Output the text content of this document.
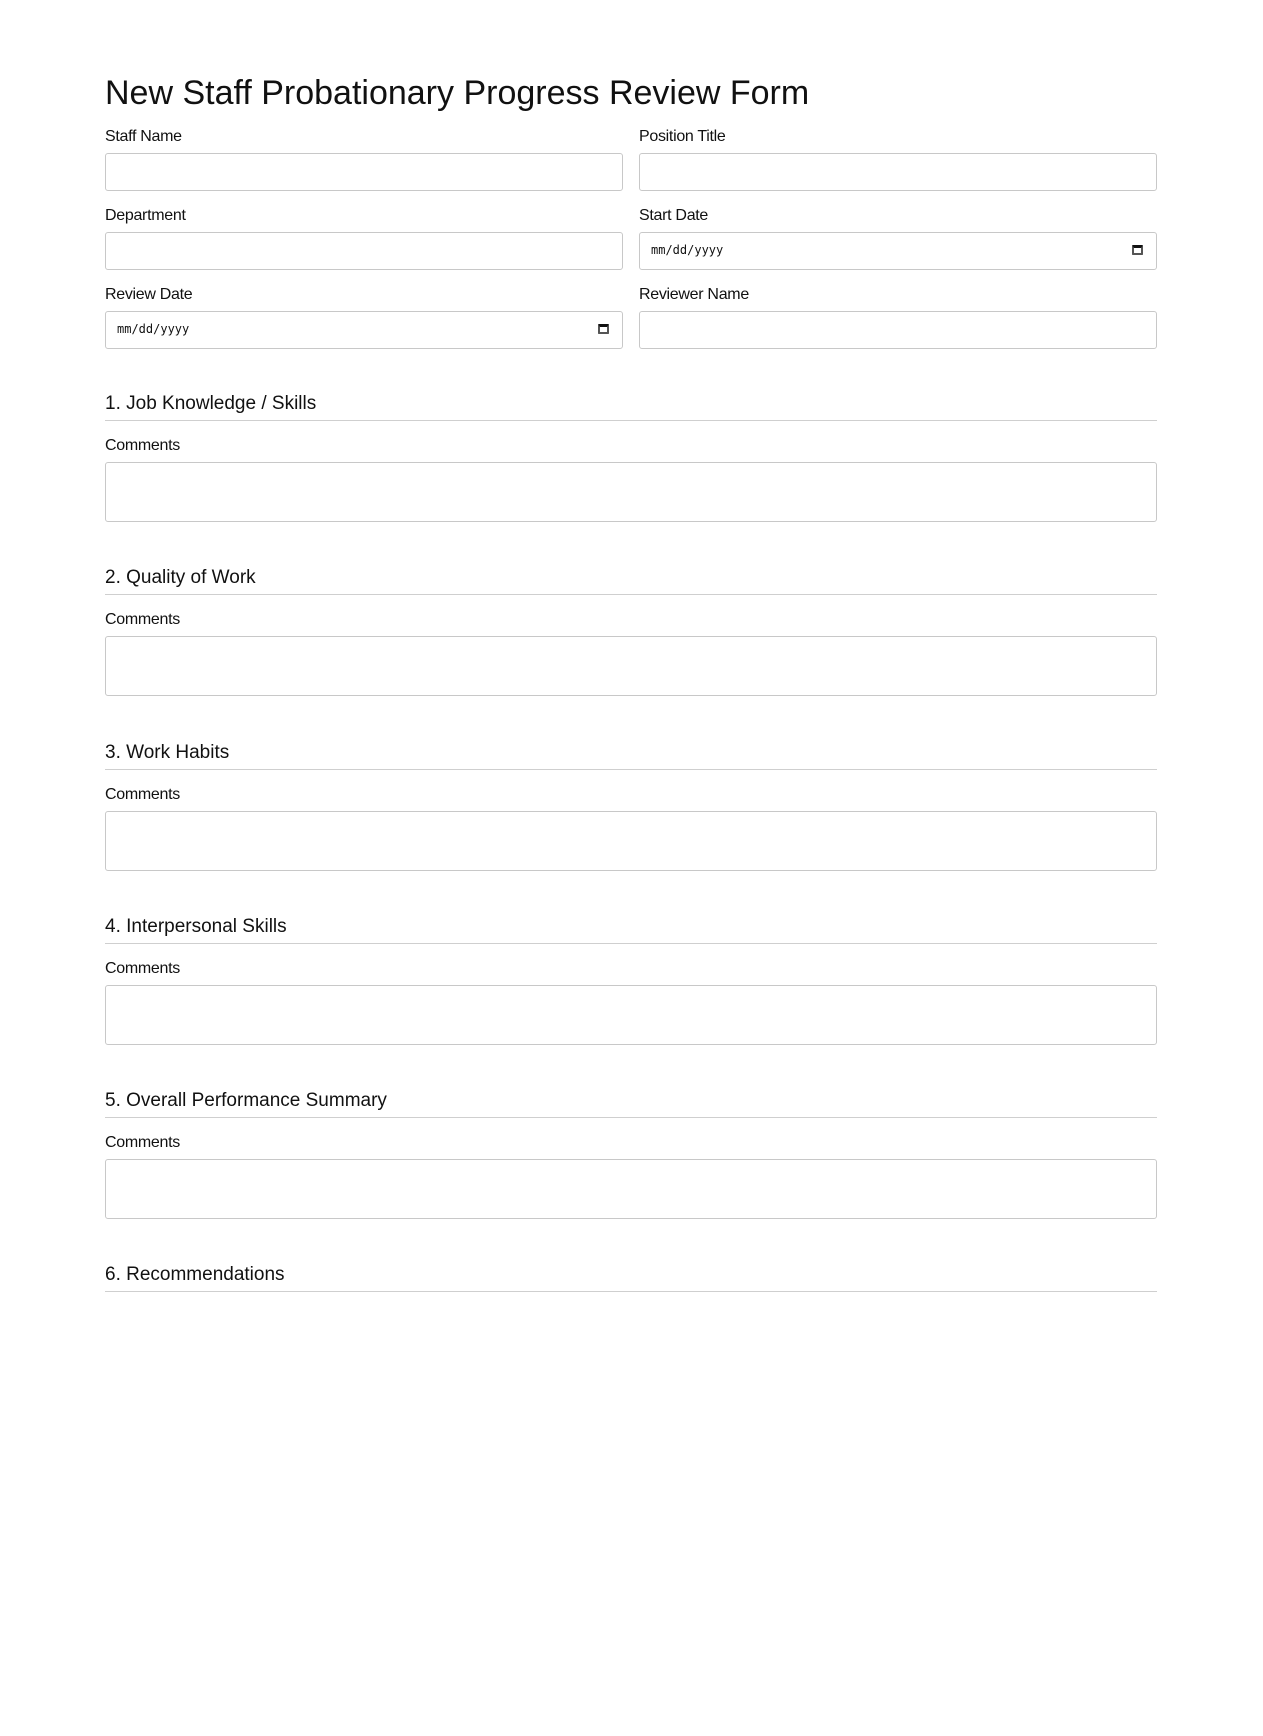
New Staff Probationary Progress Review Form
Staff Name	Position Title
Department	Start Date
mm/dd/yyyy
Review Date
mm/dd/yyyy
Reviewer Name
1. Job Knowledge / Skills
Comments
2. Quality of Work
Comments
3. Work Habits
Comments
4. Interpersonal Skills
Comments
5. Overall Performance Summary
Comments
6. Recommendations
